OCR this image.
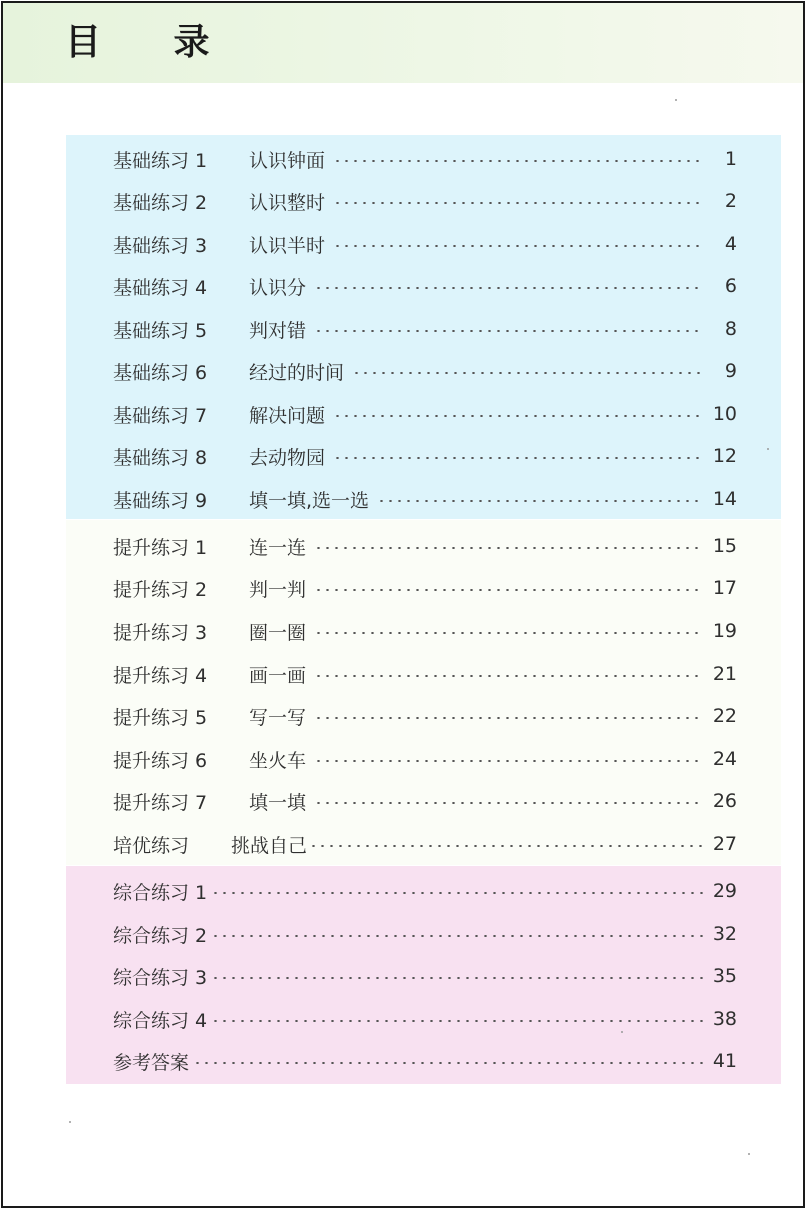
目 录
基础练习 1	认识钟面	1
基础练习 2	认识整时	2
基础练习 3	认识半时	4
基础练习 4	认识分	6
基础练习 5	判对错	8
基础练习 6	经过的时间	9
基础练习 7	解决问题	10
基础练习 8	去动物园	12
基础练习 9	填一填,选一选	14
提升练习 1	连一连	15
提升练习 2	判一判	17
提升练习 3	圈一圈	19
提升练习 4	画一画	21
提升练习 5	写一写	22
提升练习 6	坐火车	24
提升练习 7	填一填	26
培优练习	挑战自己	27
综合练习 1	29
综合练习 2	32
综合练习 3	35
综合练习 4	38
参考答案	41
